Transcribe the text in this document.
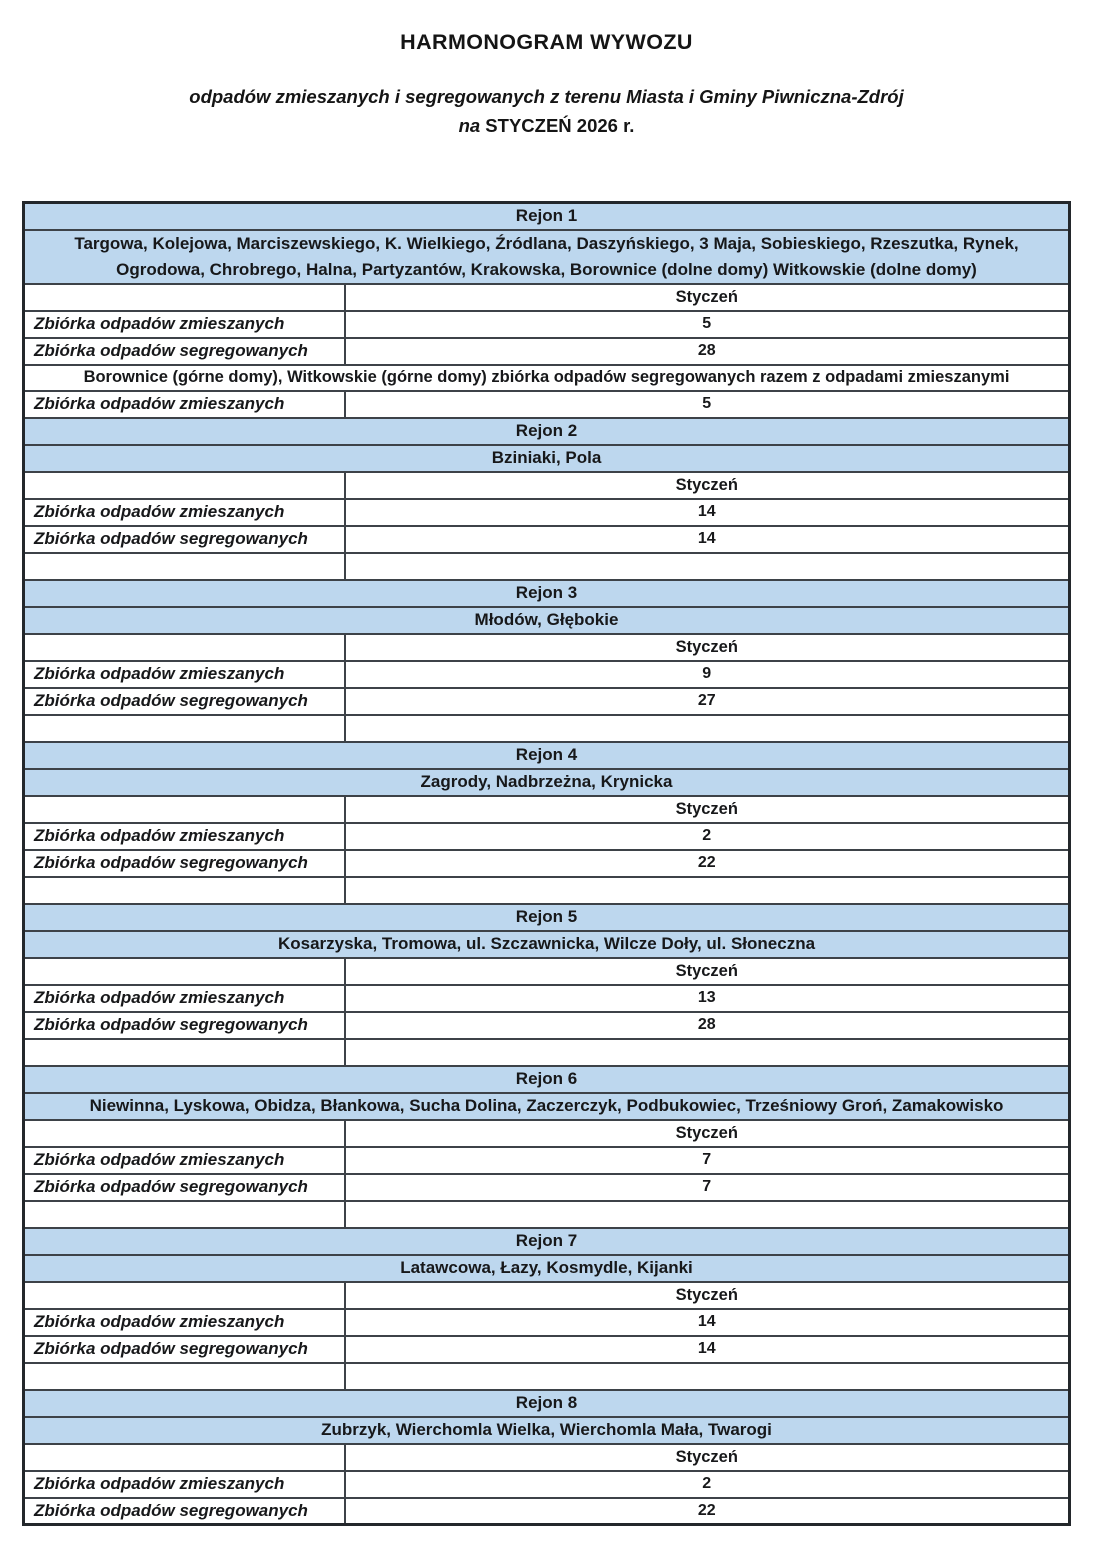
HARMONOGRAM WYWOZU
odpadów zmieszanych i segregowanych z terenu Miasta i Gminy Piwniczna-Zdrój
na STYCZEŃ 2026 r.
Rejon 1	
Targowa, Kolejowa, Marciszewskiego, K. Wielkiego, Źródlana, Daszyńskiego, 3 Maja, Sobieskiego, Rzeszutka, Rynek,
Ogrodowa, Chrobrego, Halna, Partyzantów, Krakowska, Borownice (dolne domy) Witkowskie (dolne domy)	
	Styczeń
Zbiórka odpadów zmieszanych	5
Zbiórka odpadów segregowanych	28
Borownice (górne domy), Witkowskie (górne domy) zbiórka odpadów segregowanych razem z odpadami zmieszanymi	
Zbiórka odpadów zmieszanych	5
Rejon 2	
Bziniaki, Pola	
	Styczeń
Zbiórka odpadów zmieszanych	14
Zbiórka odpadów segregowanych	14

Rejon 3	
Młodów, Głębokie	
	Styczeń
Zbiórka odpadów zmieszanych	9
Zbiórka odpadów segregowanych	27

Rejon 4	
Zagrody, Nadbrzeżna, Krynicka	
	Styczeń
Zbiórka odpadów zmieszanych	2
Zbiórka odpadów segregowanych	22

Rejon 5	
Kosarzyska, Tromowa, ul. Szczawnicka, Wilcze Doły, ul. Słoneczna	
	Styczeń
Zbiórka odpadów zmieszanych	13
Zbiórka odpadów segregowanych	28

Rejon 6	
Niewinna, Lyskowa, Obidza, Błankowa, Sucha Dolina, Zaczerczyk, Podbukowiec, Trześniowy Groń, Zamakowisko	
	Styczeń
Zbiórka odpadów zmieszanych	7
Zbiórka odpadów segregowanych	7

Rejon 7	
Latawcowa, Łazy, Kosmydle, Kijanki	
	Styczeń
Zbiórka odpadów zmieszanych	14
Zbiórka odpadów segregowanych	14

Rejon 8	
Zubrzyk, Wierchomla Wielka, Wierchomla Mała, Twarogi	
	Styczeń
Zbiórka odpadów zmieszanych	2
Zbiórka odpadów segregowanych	22
